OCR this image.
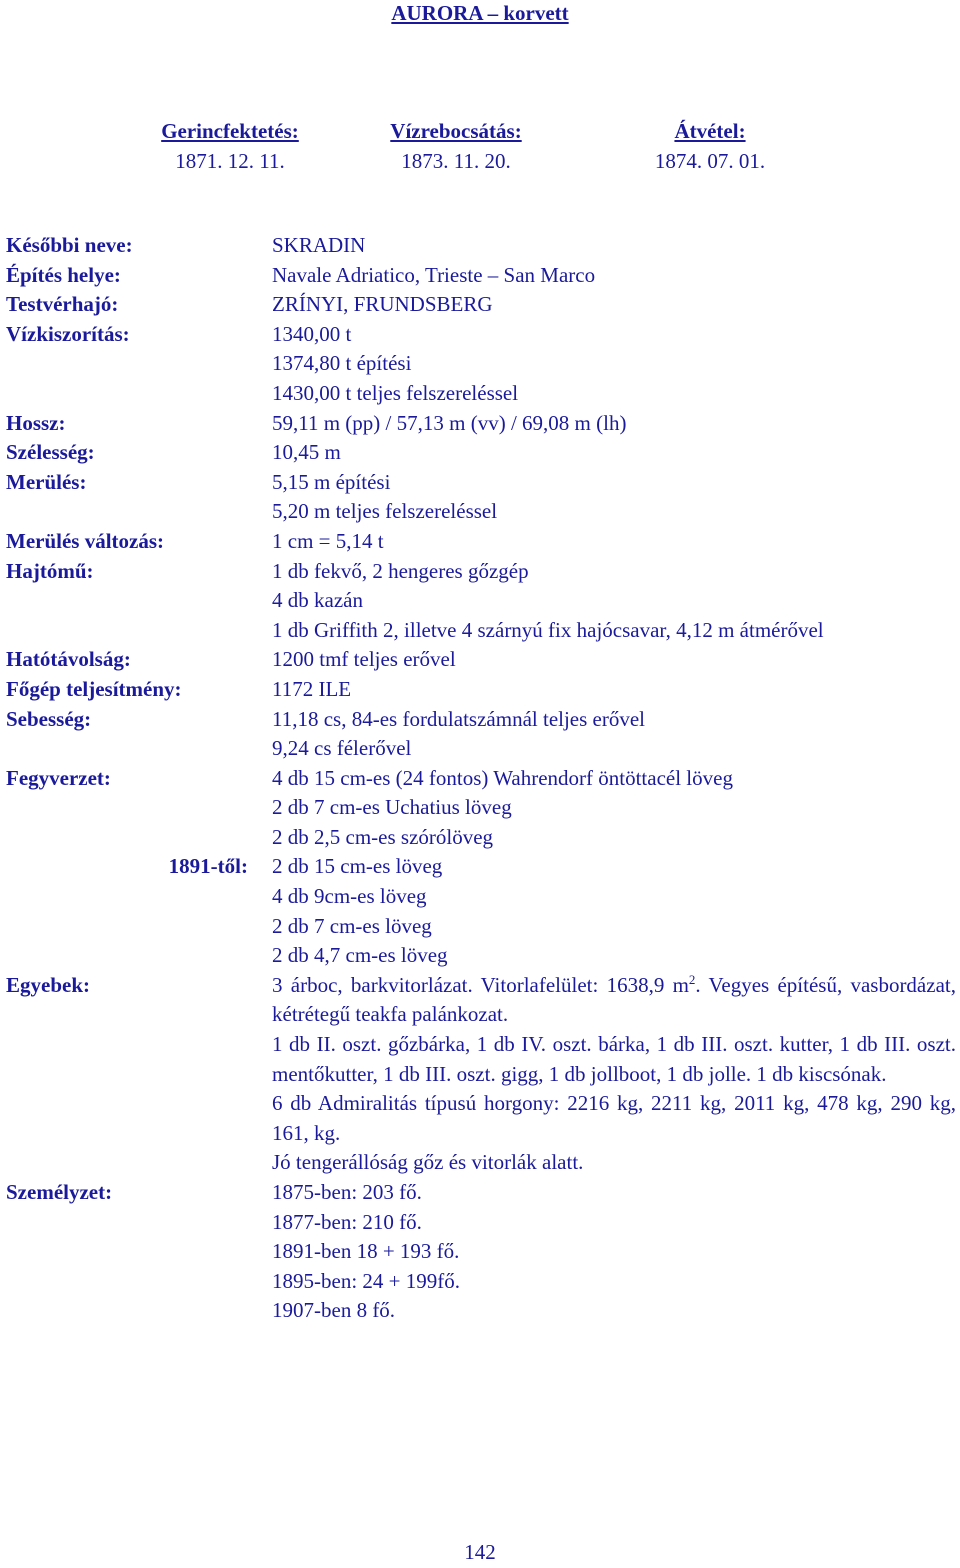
AURORA – korvett
Gerincfektetés:
1871. 12. 11.
Vízrebocsátás:
1873. 11. 20.
Átvétel:
1874. 07. 01.
Későbbi neve:	SKRADIN
Építés helye:	Navale Adriatico, Trieste – San Marco
Testvérhajó:	ZRÍNYI, FRUNDSBERG
Vízkiszorítás:	1340,00 t
1374,80 t építési
1430,00 t teljes felszereléssel
Hossz:	59,11 m (pp) / 57,13 m (vv) / 69,08 m (lh)
Szélesség:	10,45 m
Merülés:	5,15 m építési
5,20 m teljes felszereléssel
Merülés változás:	1 cm = 5,14 t
Hajtómű:	1 db fekvő, 2 hengeres gőzgép
4 db kazán
1 db Griffith 2, illetve 4 szárnyú fix hajócsavar, 4,12 m átmérővel
Hatótávolság:	1200 tmf teljes erővel
Főgép teljesítmény:	1172 ILE
Sebesség:	11,18 cs, 84-es fordulatszámnál teljes erővel
9,24 cs félerővel
Fegyverzet:	4 db 15 cm-es (24 fontos) Wahrendorf öntöttacél löveg
2 db 7 cm-es Uchatius löveg
2 db 2,5 cm-es szórólöveg
1891-től:	2 db 15 cm-es löveg
4 db 9cm-es löveg
2 db 7 cm-es löveg
2 db 4,7 cm-es löveg
Egyebek:	3 árboc, barkvitorlázat. Vitorlafelület: 1638,9 $m^2$. Vegyes építésű, vasbordázat, kétrétegű teakfa palánkozat.
1 db II. oszt. gőzbárka, 1 db IV. oszt. bárka, 1 db III. oszt. kutter, 1 db III. oszt. mentőkutter, 1 db III. oszt. gigg, 1 db jollboot, 1 db jolle. 1 db kiscsónak.
6 db Admiralitás típusú horgony: 2216 kg, 2211 kg, 2011 kg, 478 kg, 290 kg, 161, kg.
Jó tengerállóság gőz és vitorlák alatt.
Személyzet:	1875-ben: 203 fő.
1877-ben: 210 fő.
1891-ben 18 + 193 fő.
1895-ben: 24 + 199fő.
1907-ben 8 fő.
142
